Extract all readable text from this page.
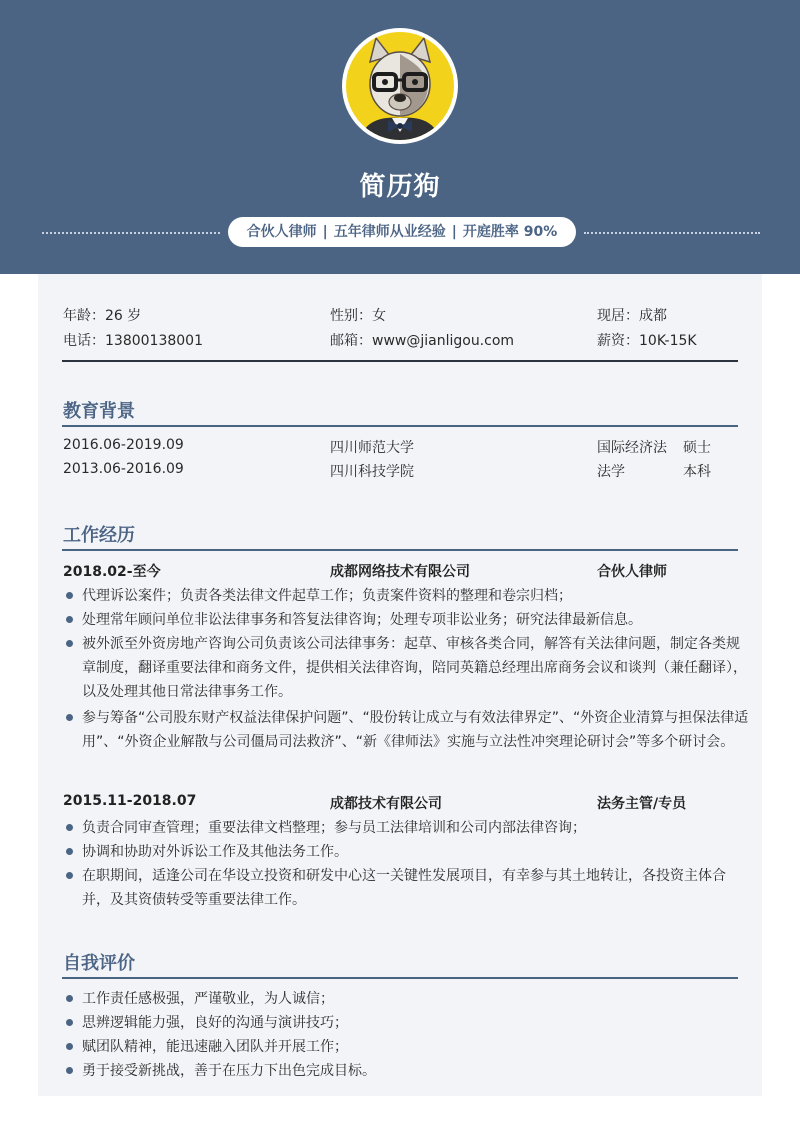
简历狗
合伙人律师 | 五年律师从业经验 | 开庭胜率 90%
年龄：26 岁	性别：女	现居：成都
电话：13800138001	邮箱：www@jianligou.com	薪资：10K-15K
教育背景
2016.06-2019.09	四川师范大学	国际经济法 硕士
2013.06-2016.09	四川科技学院	法学	本科
工作经历
2018.02-至今	成都网络技术有限公司	合伙人律师
代理诉讼案件；负责各类法律文件起草工作；负责案件资料的整理和卷宗归档；
处理常年顾问单位非讼法律事务和答复法律咨询；处理专项非讼业务；研究法律最新信息。
被外派至外资房地产咨询公司负责该公司法律事务：起草、审核各类合同，解答有关法律问题，制定各类规章制度，翻译重要法律和商务文件，提供相关法律咨询，陪同英籍总经理出席商务会议和谈判（兼任翻译），以及处理其他日常法律事务工作。
参与筹备“公司股东财产权益法律保护问题”、“股份转让成立与有效法律界定”、“外资企业清算与担保法律适用”、“外资企业解散与公司僵局司法救济”、“新《律师法》实施与立法性冲突理论研讨会”等多个研讨会。
2015.11-2018.07	成都技术有限公司	法务主管/专员
负责合同审查管理；重要法律文档整理；参与员工法律培训和公司内部法律咨询；
协调和协助对外诉讼工作及其他法务工作。
在职期间，适逢公司在华设立投资和研发中心这一关键性发展项目，有幸参与其土地转让，各投资主体合并，及其资债转受等重要法律工作。
自我评价
工作责任感极强，严谨敬业，为人诚信；
思辨逻辑能力强，良好的沟通与演讲技巧；
赋团队精神，能迅速融入团队并开展工作；
勇于接受新挑战，善于在压力下出色完成目标。
